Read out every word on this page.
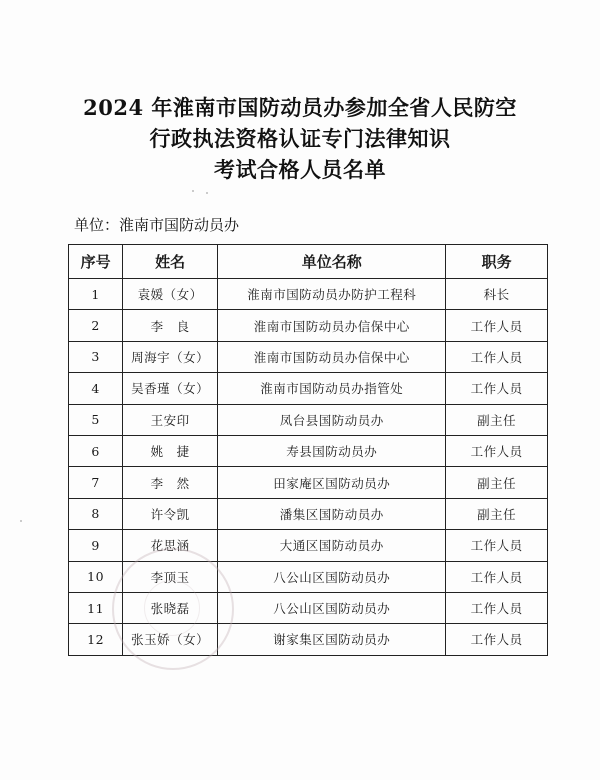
2024 年淮南市国防动员办参加全省人民防空
行政执法资格认证专门法律知识
考试合格人员名单
单位：淮南市国防动员办
序号	姓名	单位名称	职务
1	袁媛（女）	淮南市国防动员办防护工程科	科长
2	李　良	淮南市国防动员办信保中心	工作人员
3	周海宇（女）	淮南市国防动员办信保中心	工作人员
4	吴香瑾（女）	淮南市国防动员办指管处	工作人员
5	王安印	凤台县国防动员办	副主任
6	姚　捷	寿县国防动员办	工作人员
7	李　然	田家庵区国防动员办	副主任
8	许令凯	潘集区国防动员办	副主任
9	花思涵	大通区国防动员办	工作人员
10	李顶玉	八公山区国防动员办	工作人员
11	张晓磊	八公山区国防动员办	工作人员
12	张玉娇（女）	谢家集区国防动员办	工作人员
